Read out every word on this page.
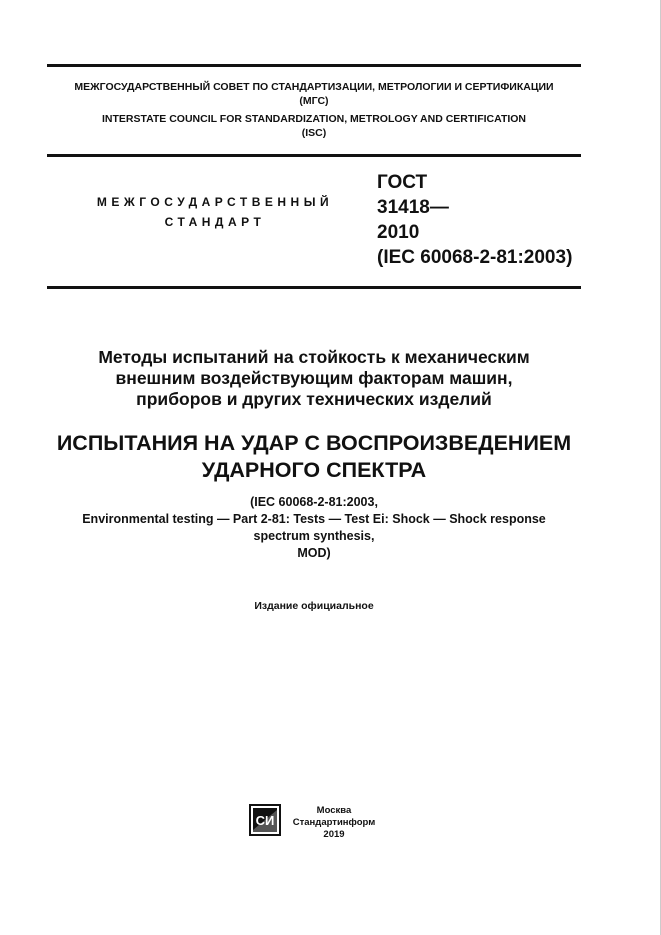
МЕЖГОСУДАРСТВЕННЫЙ СОВЕТ ПО СТАНДАРТИЗАЦИИ, МЕТРОЛОГИИ И СЕРТИФИКАЦИИ
(МГС)
INTERSTATE COUNCIL FOR STANDARDIZATION, METROLOGY AND CERTIFICATION
(ISC)
МЕЖГОСУДАРСТВЕННЫЙ
СТАНДАРТ
ГОСТ
31418—
2010
(IEC 60068-2-81:2003)
Методы испытаний на стойкость к механическим
внешним воздействующим факторам машин,
приборов и других технических изделий
ИСПЫТАНИЯ НА УДАР С ВОСПРОИЗВЕДЕНИЕМ
УДАРНОГО СПЕКТРА
(IEC 60068-2-81:2003,
Environmental testing — Part 2-81: Tests — Test Ei: Shock — Shock response
spectrum synthesis,
MOD)
Издание официальное
СИ
Москва
Стандартинформ
2019
